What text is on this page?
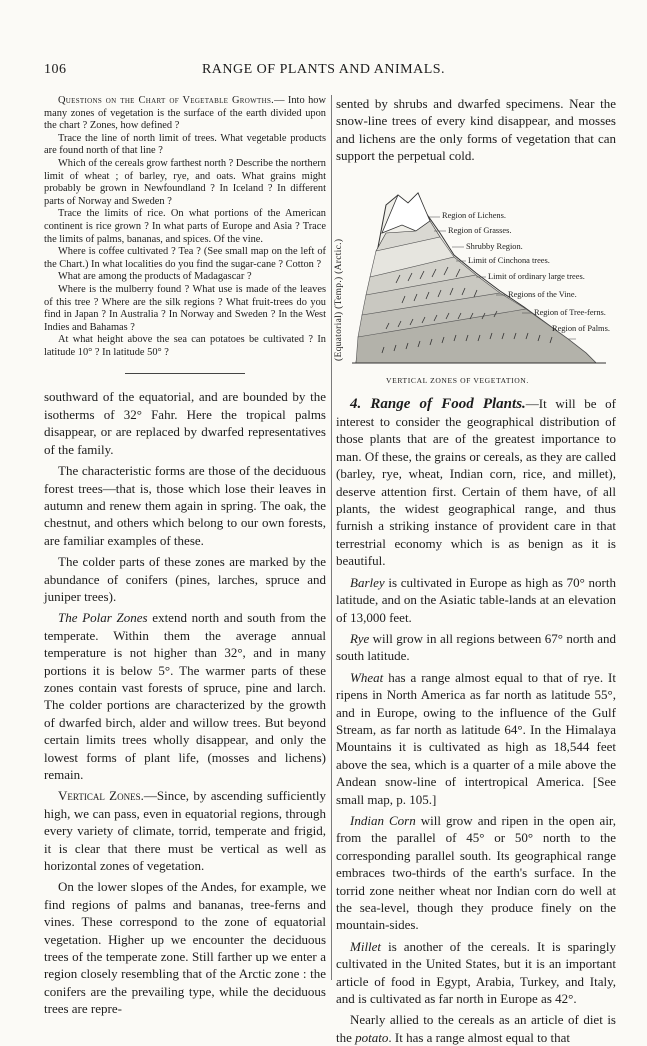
106	RANGE OF PLANTS AND ANIMALS.

Questions on the Chart of Vegetable Growths.— Into how many zones of vegetation is the surface of the earth divided upon the chart ? Zones, how defined ?

Trace the line of north limit of trees. What vegetable products are found north of that line ?

Which of the cereals grow farthest north ? Describe the northern limit of wheat ; of barley, rye, and oats. What grains might probably be grown in Newfoundland ? In Iceland ? In different parts of Norway and Sweden ?

Trace the limits of rice. On what portions of the American continent is rice grown ? In what parts of Europe and Asia ? Trace the limits of palms, bananas, and spices. Of the vine.

Where is coffee cultivated ? Tea ? (See small map on the left of the Chart.) In what localities do you find the sugar-cane ? Cotton ?

What are among the products of Madagascar ?

Where is the mulberry found ? What use is made of the leaves of this tree ? Where are the silk regions ? What fruit-trees do you find in Japan ? In Australia ? In Norway and Sweden ? In the West Indies and Bahamas ?

At what height above the sea can potatoes be cultivated ? In latitude 10° ? In latitude 50° ?

southward of the equatorial, and are bounded by the isotherms of 32° Fahr. Here the tropical palms disappear, or are replaced by dwarfed representatives of the family.

The characteristic forms are those of the deciduous forest trees—that is, those which lose their leaves in autumn and renew them again in spring. The oak, the chestnut, and others which belong to our own forests, are familiar examples of these.

The colder parts of these zones are marked by the abundance of conifers (pines, larches, spruce and juniper trees).

The Polar Zones extend north and south from the temperate. Within them the average annual temperature is not higher than 32°, and in many portions it is below 5°. The warmer parts of these zones contain vast forests of spruce, pine and larch. The colder portions are characterized by the growth of dwarfed birch, alder and willow trees. But beyond certain limits trees wholly disappear, and only the lowest forms of plant life, (mosses and lichens) remain.

Vertical Zones.—Since, by ascending sufficiently high, we can pass, even in equatorial regions, through every variety of climate, torrid, temperate and frigid, it is clear that there must be vertical as well as horizontal zones of vegetation.

On the lower slopes of the Andes, for example, we find regions of palms and bananas, tree-ferns and vines. These correspond to the zone of equatorial vegetation. Higher up we encounter the deciduous trees of the temperate zone. Still farther up we enter a region closely resembling that of the Arctic zone : the conifers are the prevailing type, while the deciduous trees are repre-

sented by shrubs and dwarfed specimens. Near the snow-line trees of every kind disappear, and mosses and lichens are the only forms of vegetation that can support the perpetual cold.

(Equatorial) (Temp.) (Arctic.)
Region of Lichens.
Region of Grasses.
Shrubby Region.
Limit of Cinchona trees.
Limit of ordinary large trees.
Regions of the Vine.
Region of Tree-ferns.
Region of Palms.
VERTICAL ZONES OF VEGETATION.

4. Range of Food Plants.—It will be of interest to consider the geographical distribution of those plants that are of the greatest importance to man. Of these, the grains or cereals, as they are called (barley, rye, wheat, Indian corn, rice, and millet), deserve attention first. Certain of them have, of all plants, the widest geographical range, and thus furnish a striking instance of provident care in that terrestrial economy which is as benign as it is beautiful.

Barley is cultivated in Europe as high as 70° north latitude, and on the Asiatic table-lands at an elevation of 13,000 feet.

Rye will grow in all regions between 67° north and south latitude.

Wheat has a range almost equal to that of rye. It ripens in North America as far north as latitude 55°, and in Europe, owing to the influence of the Gulf Stream, as far north as latitude 64°. In the Himalaya Mountains it is cultivated as high as 18,544 feet above the sea, which is a quarter of a mile above the Andean snow-line of intertropical America. [See small map, p. 105.]

Indian Corn will grow and ripen in the open air, from the parallel of 45° or 50° north to the corresponding parallel south. Its geographical range embraces two-thirds of the earth's surface. In the torrid zone neither wheat nor Indian corn do well at the sea-level, though they produce finely on the mountain-sides.

Millet is another of the cereals. It is sparingly cultivated in the United States, but it is an important article of food in Egypt, Arabia, Turkey, and Italy, and is cultivated as far north in Europe as 42°.

Nearly allied to the cereals as an article of diet is the potato. It has a range almost equal to that
